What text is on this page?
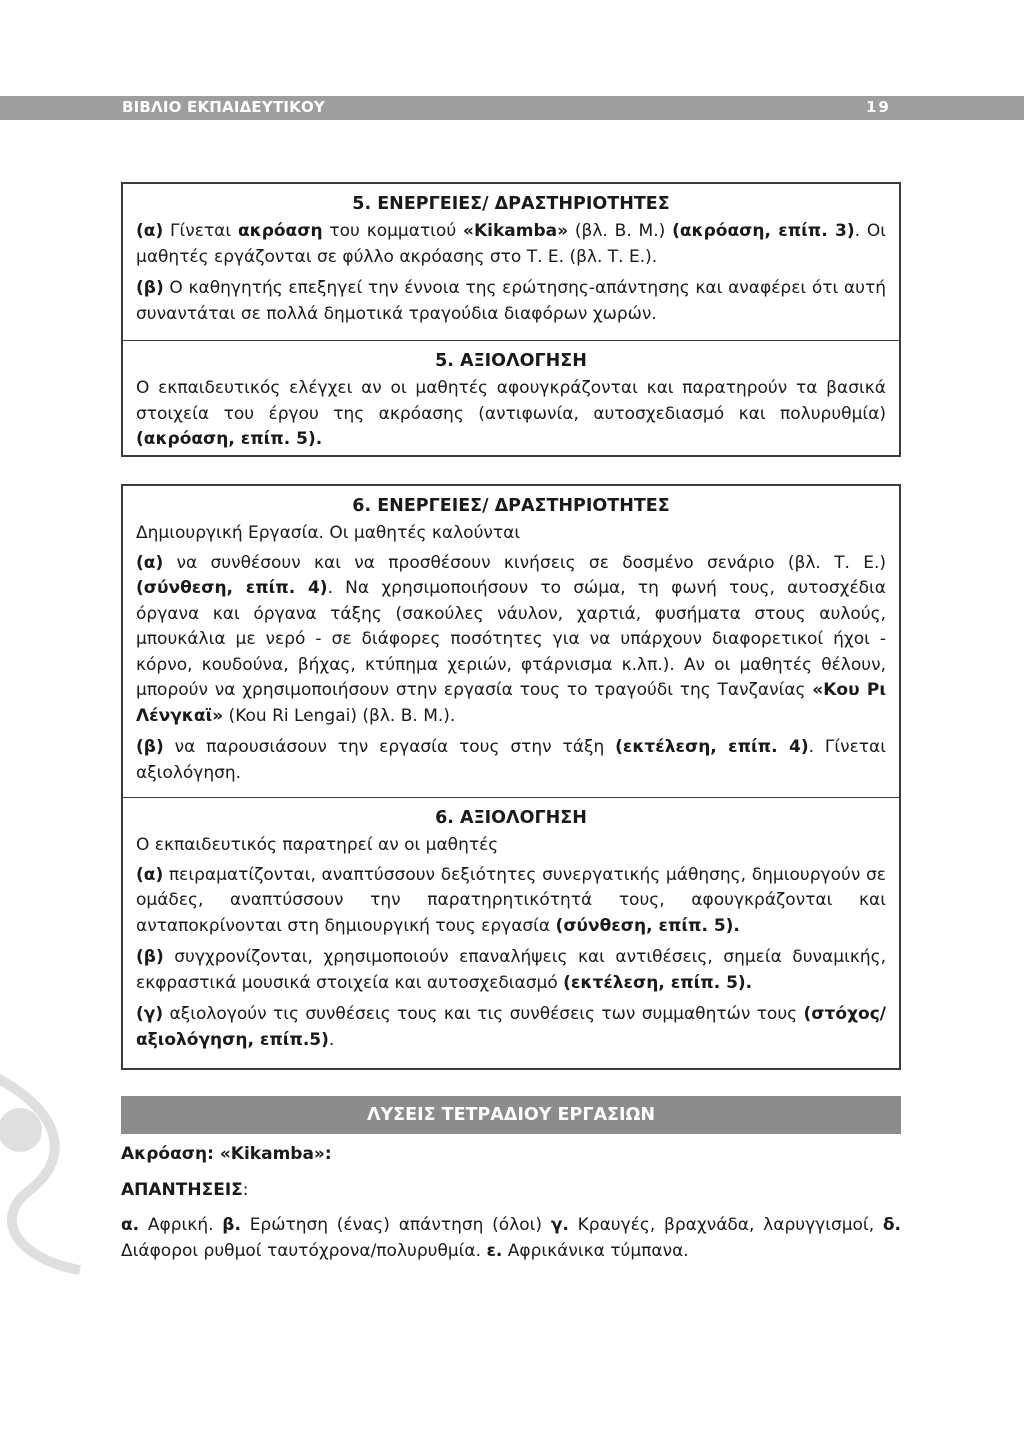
ΒΙΒΛΙΟ ΕΚΠΑΙΔΕΥΤΙΚΟΥ	19
5. ΕΝΕΡΓΕΙΕΣ/ ΔΡΑΣΤΗΡΙΟΤΗΤΕΣ

(α) Γίνεται ακρόαση του κομματιού «Kikamba» (βλ. Β. Μ.) (ακρόαση, επίπ. 3). Οι μαθητές εργάζονται σε φύλλο ακρόασης στο Τ. Ε. (βλ. Τ. Ε.).

(β) Ο καθηγητής επεξηγεί την έννοια της ερώτησης-απάντησης και αναφέρει ότι αυτή συναντάται σε πολλά δημοτικά τραγούδια διαφόρων χωρών.

5. ΑΞΙΟΛΟΓΗΣΗ

Ο εκπαιδευτικός ελέγχει αν οι μαθητές αφουγκράζονται και παρατηρούν τα βασικά στοιχεία του έργου της ακρόασης (αντιφωνία, αυτοσχεδιασμό και πολυρυθμία) (ακρόαση, επίπ. 5).

6. ΕΝΕΡΓΕΙΕΣ/ ΔΡΑΣΤΗΡΙΟΤΗΤΕΣ

Δημιουργική Εργασία. Οι μαθητές καλούνται

(α) να συνθέσουν και να προσθέσουν κινήσεις σε δοσμένο σενάριο (βλ. Τ. Ε.) (σύνθεση, επίπ. 4). Να χρησιμοποιήσουν το σώμα, τη φωνή τους, αυτοσχέδια όργανα και όργανα τάξης (σακούλες νάυλον, χαρτιά, φυσήματα στους αυλούς, μπουκάλια με νερό - σε διάφορες ποσότητες για να υπάρχουν διαφορετικοί ήχοι - κόρνο, κουδούνα, βήχας, κτύπημα χεριών, φτάρνισμα κ.λπ.). Αν οι μαθητές θέλουν, μπορούν να χρησιμοποιήσουν στην εργασία τους το τραγούδι της Τανζανίας «Κου Ρι Λένγκαϊ» (Kou Ri Lengai) (βλ. Β. Μ.).

(β) να παρουσιάσουν την εργασία τους στην τάξη (εκτέλεση, επίπ. 4). Γίνεται αξιολόγηση.

6. ΑΞΙΟΛΟΓΗΣΗ

Ο εκπαιδευτικός παρατηρεί αν οι μαθητές

(α) πειραματίζονται, αναπτύσσουν δεξιότητες συνεργατικής μάθησης, δημιουργούν σε ομάδες, αναπτύσσουν την παρατηρητικότητά τους, αφουγκράζονται και ανταποκρίνονται στη δημιουργική τους εργασία (σύνθεση, επίπ. 5).

(β) συγχρονίζονται, χρησιμοποιούν επαναλήψεις και αντιθέσεις, σημεία δυναμικής, εκφραστικά μουσικά στοιχεία και αυτοσχεδιασμό (εκτέλεση, επίπ. 5).

(γ) αξιολογούν τις συνθέσεις τους και τις συνθέσεις των συμμαθητών τους (στόχος/αξιολόγηση, επίπ.5).

ΛΥΣΕΙΣ ΤΕΤΡΑΔΙΟΥ ΕΡΓΑΣΙΩΝ

Ακρόαση: «Kikamba»:

ΑΠΑΝΤΗΣΕΙΣ:

α. Αφρική. β. Ερώτηση (ένας) απάντηση (όλοι) γ. Κραυγές, βραχνάδα, λαρυγγισμοί, δ. Διάφοροι ρυθμοί ταυτόχρονα/πολυρυθμία. ε. Αφρικάνικα τύμπανα.
